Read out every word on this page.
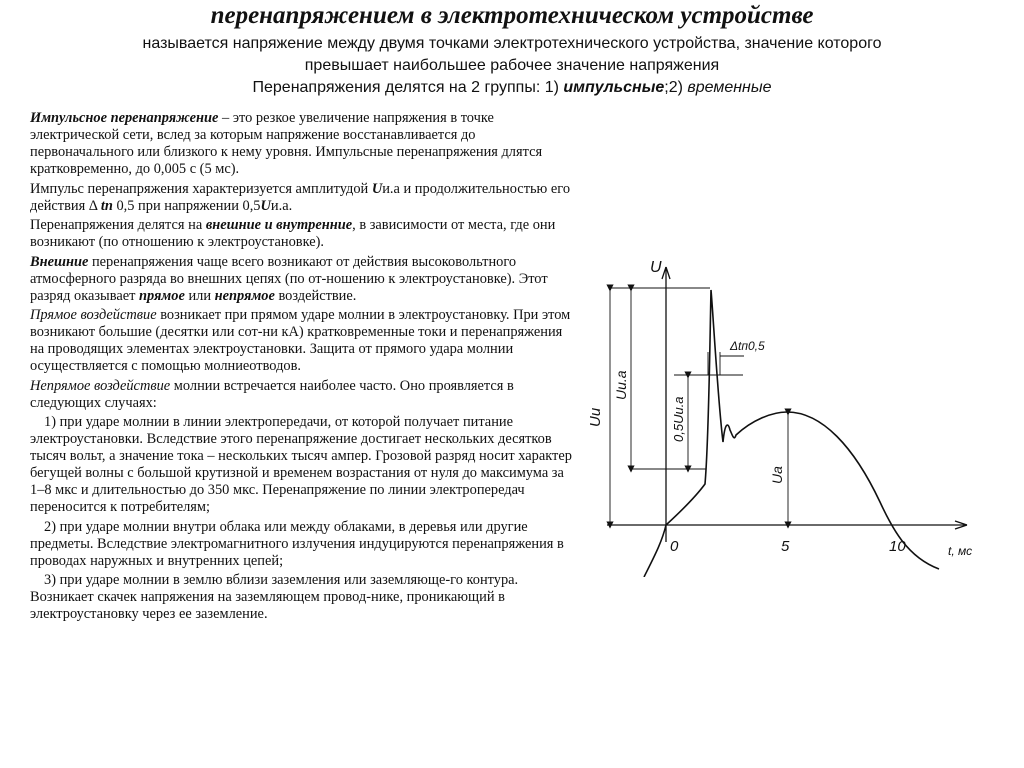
перенапряжением в электротехническом устройстве
называется напряжение между двумя точками электротехнического устройства, значение которого
превышает наибольшее рабочее значение напряжения
Перенапряжения делятся на 2 группы: 1) импульсные;2) временные

Импульсное перенапряжение – это резкое увеличение напряжения в точке электрической сети, вслед за которым напряжение восстанавливается до первоначального или близкого к нему уровня. Импульсные перенапряжения длятся кратковременно, до 0,005 с (5 мс).

Импульс перенапряжения характеризуется амплитудой Uи.а и продолжительностью его действия Δ tп 0,5 при напряжении 0,5Uи.а.

Перенапряжения делятся на внешние и внутренние, в зависимости от места, где они возникают (по отношению к электроустановке).

Внешние перенапряжения чаще всего возникают от действия высоковольтного атмосферного разряда во внешних цепях (по от-ношению к электроустановке). Этот разряд оказывает прямое или непрямое воздействие.

Прямое воздействие возникает при прямом ударе молнии в электроустановку. При этом возникают большие (десятки или сот-ни кА) кратковременные токи и перенапряжения на проводящих элементах электроустановки. Защита от прямого удара молнии осуществляется с помощью молниеотводов.

Непрямое воздействие молнии встречается наиболее часто. Оно проявляется в следующих случаях:

1) при ударе молнии в линии электропередачи, от которой получает питание электроустановки. Вследствие этого перенапряжение достигает нескольких десятков тысяч вольт, а значение тока – нескольких тысяч ампер. Грозовой разряд носит характер бегущей волны с большой крутизной и временем возрастания от нуля до максимума за 1–8 мкс и длительностью до 350 мкс. Перенапряжение по линии электропередач переносится к потребителям;

2) при ударе молнии внутри облака или между облаками, в деревья или другие предметы. Вследствие электромагнитного излучения индуцируются перенапряжения в проводах наружных и внутренних цепей;

3) при ударе молнии в землю вблизи заземления или заземляюще-го контура. Возникает скачек напряжения на заземляющем провод-нике, проникающий в электроустановку через ее заземление.

U
t, мс
0	5	10
Uи
Uи.а
0,5Uи.а
Uа
Δtп0,5
